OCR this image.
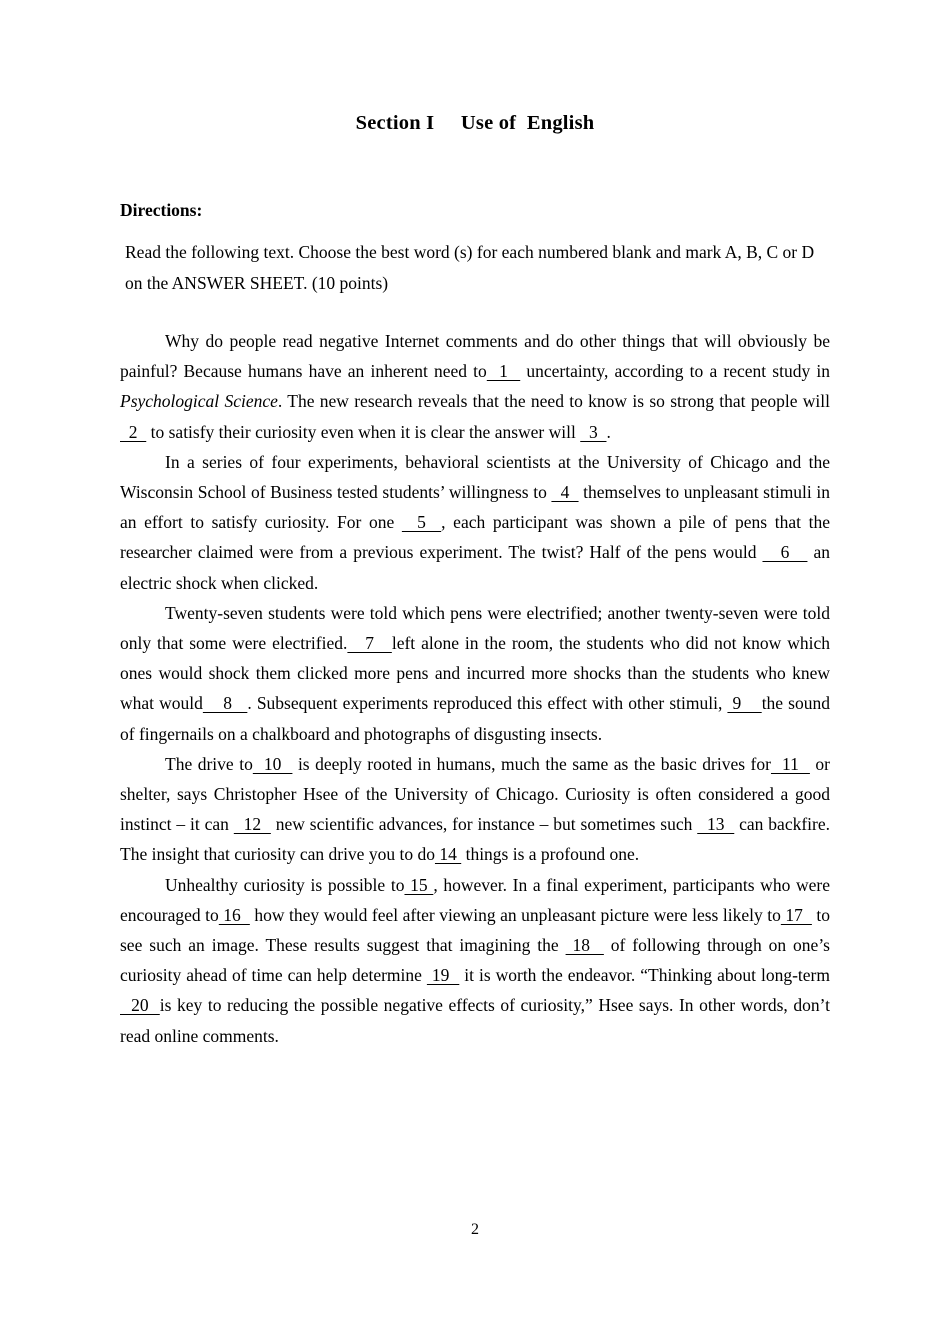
Section I     Use of  English

Directions:

Read the following text. Choose the best word (s) for each numbered blank and mark A, B, C or D on the ANSWER SHEET. (10 points)

Why do people read negative Internet comments and do other things that will obviously be painful? Because humans have an inherent need to  1   uncertainty, according to a recent study in Psychological Science. The new research reveals that the need to know is so strong that people will   2   to satisfy their curiosity even when it is clear the answer will   3  .

In a series of four experiments, behavioral scientists at the University of Chicago and the Wisconsin School of Business tested students’ willingness to   4   themselves to unpleasant stimuli in an effort to satisfy curiosity. For one   5  , each participant was shown a pile of pens that the researcher claimed were from a previous experiment. The twist? Half of the pens would    6    an electric shock when clicked.

Twenty-seven students were told which pens were electrified; another twenty-seven were told only that some were electrified.   7   left alone in the room, the students who did not know which ones would shock them clicked more pens and incurred more shocks than the students who knew what would    8   . Subsequent experiments reproduced this effect with other stimuli,  9    the sound of fingernails on a chalkboard and photographs of disgusting insects.

The drive to  10   is deeply rooted in humans, much the same as the basic drives for  11   or shelter, says Christopher Hsee of the University of Chicago. Curiosity is often considered a good instinct – it can   12   new scientific advances, for instance – but sometimes such   13   can backfire. The insight that curiosity can drive you to do 14  things is a profound one.

Unhealthy curiosity is possible to 15 , however. In a final experiment, participants who were encouraged to 16   how they would feel after viewing an unpleasant picture were less likely to 17   to see such an image. These results suggest that imagining the  18   of following through on one’s curiosity ahead of time can help determine  19   it is worth the endeavor. “Thinking about long-term   20  is key to reducing the possible negative effects of curiosity,” Hsee says. In other words, don’t read online comments.

2
